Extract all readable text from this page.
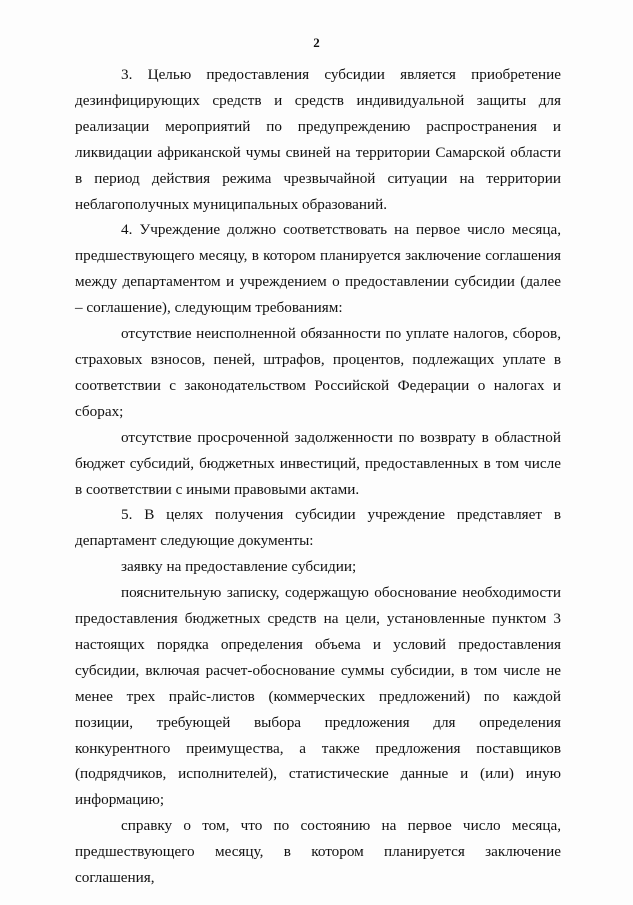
2

3. Целью предоставления субсидии является приобретение дезинфицирующих средств и средств индивидуальной защиты для реализации мероприятий по предупреждению распространения и ликвидации африканской чумы свиней на территории Самарской области в период действия режима чрезвычайной ситуации на территории неблагополучных муниципальных образований.

4. Учреждение должно соответствовать на первое число месяца, предшествующего месяцу, в котором планируется заключение соглашения между департаментом и учреждением о предоставлении субсидии (далее – соглашение), следующим требованиям:

отсутствие неисполненной обязанности по уплате налогов, сборов, страховых взносов, пеней, штрафов, процентов, подлежащих уплате в соответствии с законодательством Российской Федерации о налогах и сборах;

отсутствие просроченной задолженности по возврату в областной бюджет субсидий, бюджетных инвестиций, предоставленных в том числе в соответствии с иными правовыми актами.

5. В целях получения субсидии учреждение представляет в департамент следующие документы:

заявку на предоставление субсидии;

пояснительную записку, содержащую обоснование необходимости предоставления бюджетных средств на цели, установленные пунктом 3 настоящих порядка определения объема и условий предоставления субсидии, включая расчет-обоснование суммы субсидии, в том числе не менее трех прайс-листов (коммерческих предложений) по каждой позиции, требующей выбора предложения для определения конкурентного преимущества, а также предложения поставщиков (подрядчиков, исполнителей), статистические данные и (или) иную информацию;

справку о том, что по состоянию на первое число месяца, предшествующего месяцу, в котором планируется заключение соглашения,
